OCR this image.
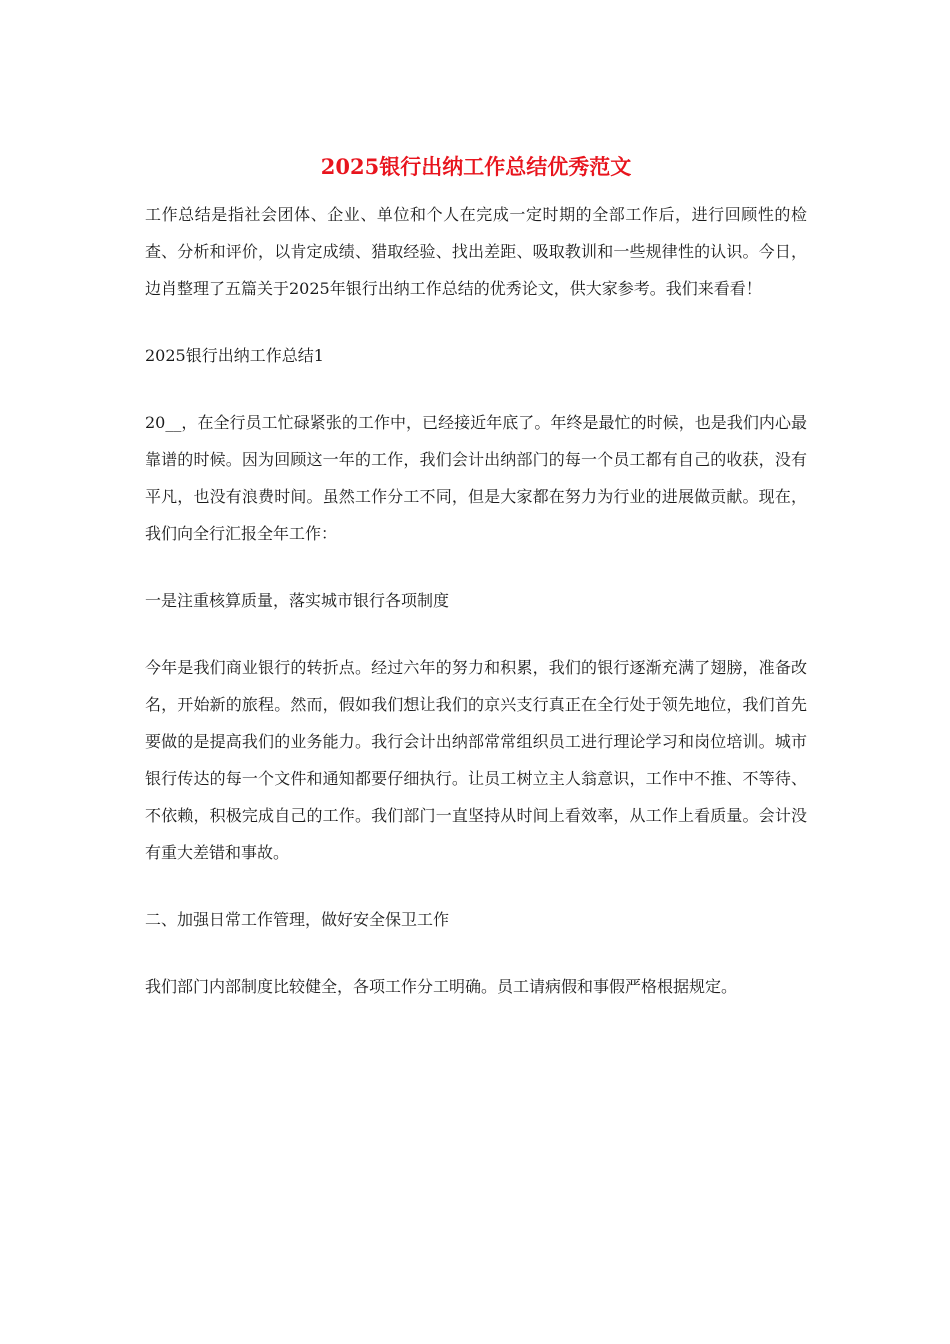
2025银行出纳工作总结优秀范文

工作总结是指社会团体、企业、单位和个人在完成一定时期的全部工作后，进行回顾性的检查、分析和评价，以肯定成绩、猎取经验、找出差距、吸取教训和一些规律性的认识。今日，边肖整理了五篇关于2025年银行出纳工作总结的优秀论文，供大家参考。我们来看看！

2025银行出纳工作总结1

20__，在全行员工忙碌紧张的工作中，已经接近年底了。年终是最忙的时候，也是我们内心最靠谱的时候。因为回顾这一年的工作，我们会计出纳部门的每一个员工都有自己的收获，没有平凡，也没有浪费时间。虽然工作分工不同，但是大家都在努力为行业的进展做贡献。现在，我们向全行汇报全年工作：

一是注重核算质量，落实城市银行各项制度

今年是我们商业银行的转折点。经过六年的努力和积累，我们的银行逐渐充满了翅膀，准备改名，开始新的旅程。然而，假如我们想让我们的京兴支行真正在全行处于领先地位，我们首先要做的是提高我们的业务能力。我行会计出纳部常常组织员工进行理论学习和岗位培训。城市银行传达的每一个文件和通知都要仔细执行。让员工树立主人翁意识，工作中不推、不等待、不依赖，积极完成自己的工作。我们部门一直坚持从时间上看效率，从工作上看质量。会计没有重大差错和事故。

二、加强日常工作管理，做好安全保卫工作

我们部门内部制度比较健全，各项工作分工明确。员工请病假和事假严格根据规定。
